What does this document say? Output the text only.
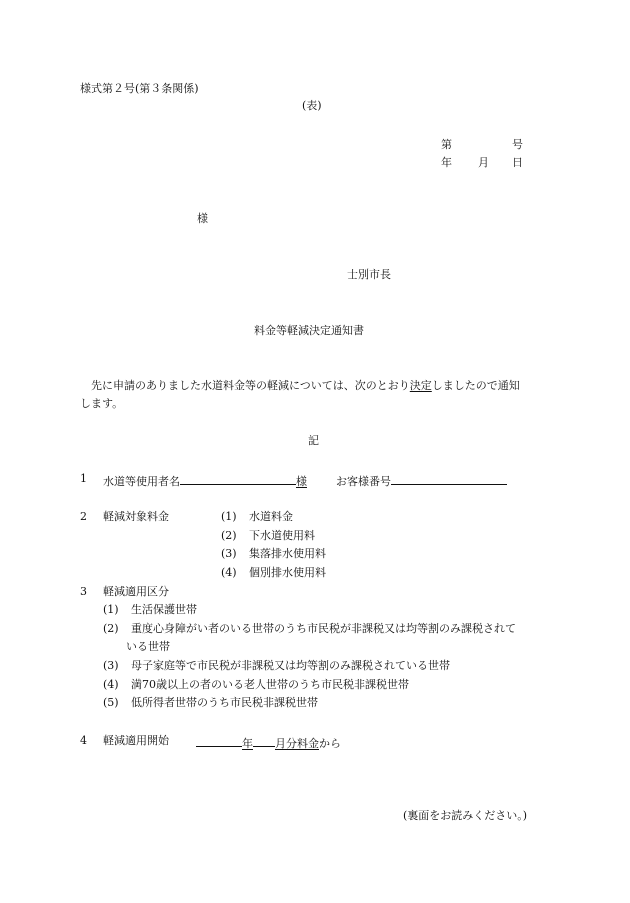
様式第２号(第３条関係)
(表)
第	号
年 月 日
様
士別市長
料金等軽減決定通知書
先に申請のありました水道料金等の軽減については、次のとおり決定しましたので通知
します。
記
1 水道等使用者名	様	お客様番号
2 軽減対象料金	(1) 水道料金
(2) 下水道使用料
(3) 集落排水使用料
(4) 個別排水使用料
3 軽減適用区分
(1) 生活保護世帯
(2) 重度心身障がい者のいる世帯のうち市民税が非課税又は均等割のみ課税されて
いる世帯
(3) 母子家庭等で市民税が非課税又は均等割のみ課税されている世帯
(4) 満70歳以上の者のいる老人世帯のうち市民税非課税世帯
(5) 低所得者世帯のうち市民税非課税世帯
4 軽減適用開始	年 月分料金から
(裏面をお読みください。)
